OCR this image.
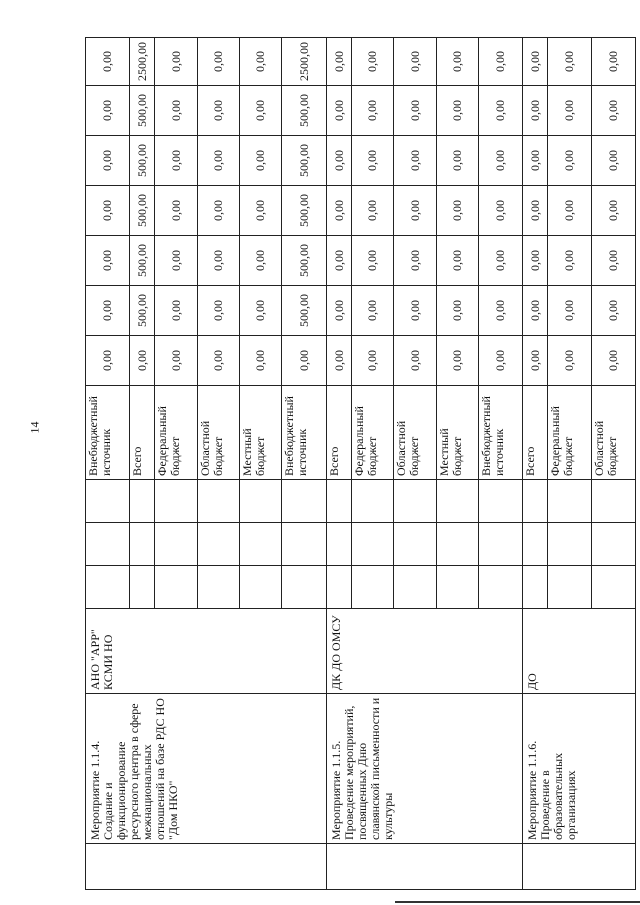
14
	Мероприятие 1.1.4. Создание и функционирование ресурсного центра в сфере межнациональных отношений на базе РДС НО "Дом НКО"	АНО "АРР" КСМИ НО				Внебюджетный источник	0,00	0,00	0,00	0,00	0,00	0,00	0,00
						Всего	0,00	500,00	500,00	500,00	500,00	500,00	2500,00
						Федеральный бюджет	0,00	0,00	0,00	0,00	0,00	0,00	0,00
						Областной бюджет	0,00	0,00	0,00	0,00	0,00	0,00	0,00
						Местный бюджет	0,00	0,00	0,00	0,00	0,00	0,00	0,00
						Внебюджетный источник	0,00	500,00	500,00	500,00	500,00	500,00	2500,00
	Мероприятие 1.1.5. Проведение мероприятий, посвященных Дню славянской письменности и культуры	ДК ДО ОМСУ				Всего	0,00	0,00	0,00	0,00	0,00	0,00	0,00
						Федеральный бюджет	0,00	0,00	0,00	0,00	0,00	0,00	0,00
						Областной бюджет	0,00	0,00	0,00	0,00	0,00	0,00	0,00
						Местный бюджет	0,00	0,00	0,00	0,00	0,00	0,00	0,00
						Внебюджетный источник	0,00	0,00	0,00	0,00	0,00	0,00	0,00
	Мероприятие 1.1.6. Проведение в образовательных организациях	ДО				Всего	0,00	0,00	0,00	0,00	0,00	0,00	0,00
						Федеральный бюджет	0,00	0,00	0,00	0,00	0,00	0,00	0,00
						Областной бюджет	0,00	0,00	0,00	0,00	0,00	0,00	0,00
